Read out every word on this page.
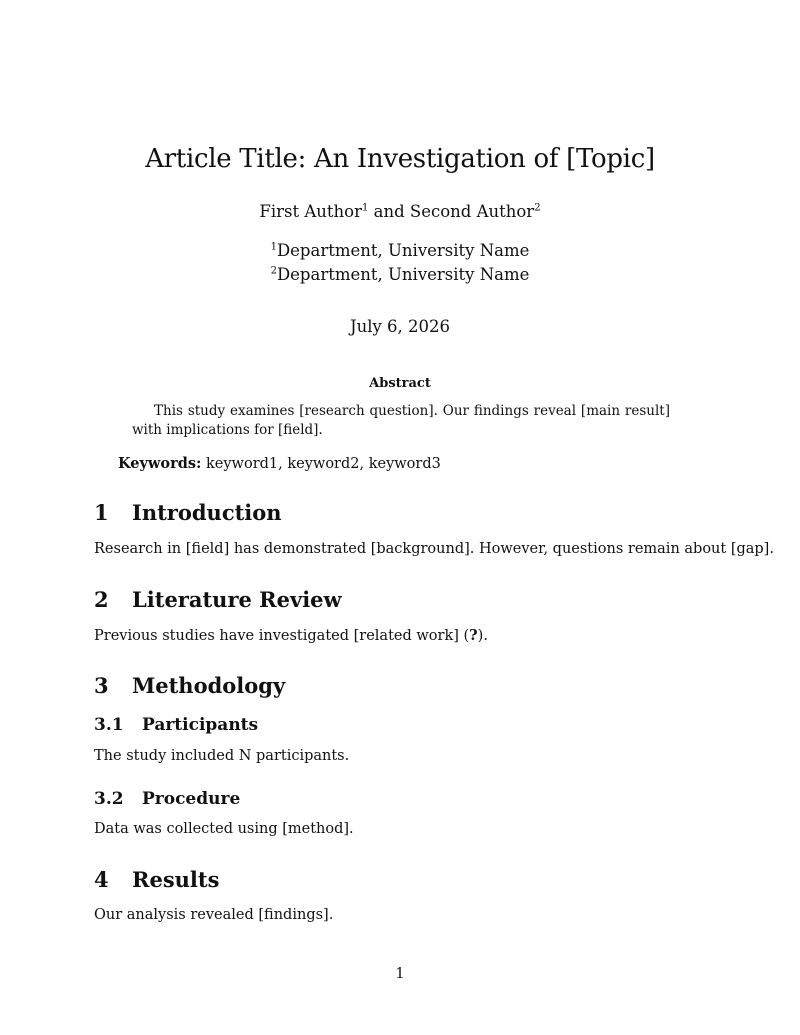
Article Title: An Investigation of [Topic]
First Author$^1$ and Second Author$^2$
$^1$Department, University Name
$^2$Department, University Name
July 6, 2026
Abstract
This study examines [research question]. Our findings reveal [main result] with implications for [field].
Keywords: keyword1, keyword2, keyword3
1 Introduction

Research in [field] has demonstrated [background]. However, questions remain about [gap].

2 Literature Review

Previous studies have investigated [related work] (?).

3 Methodology
3.1 Participants

The study included N participants.

3.2 Procedure

Data was collected using [method].

4 Results

Our analysis revealed [findings].

1
